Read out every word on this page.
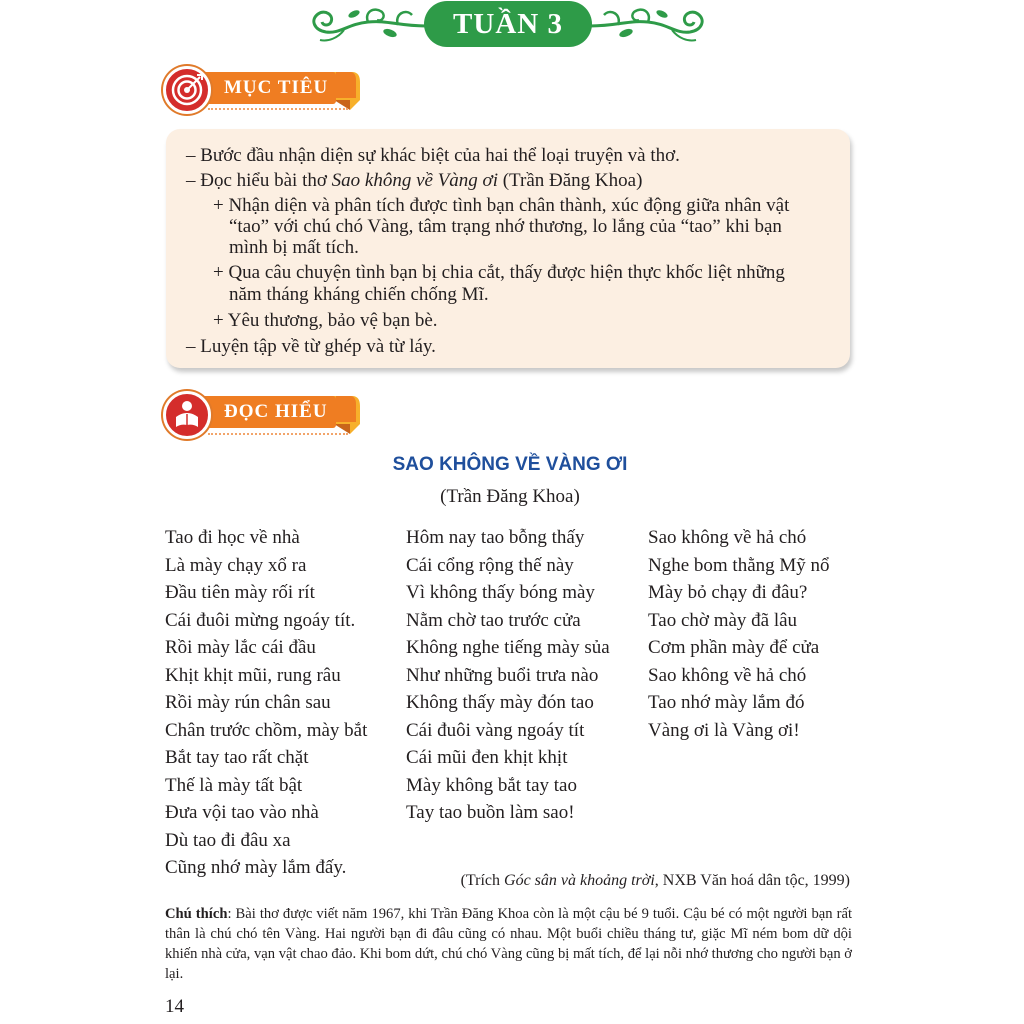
TUẦN 3
MỤC TIÊU
– Bước đầu nhận diện sự khác biệt của hai thể loại truyện và thơ.
– Đọc hiểu bài thơ Sao không về Vàng ơi (Trần Đăng Khoa)
+ Nhận diện và phân tích được tình bạn chân thành, xúc động giữa nhân vật
“tao” với chú chó Vàng, tâm trạng nhớ thương, lo lắng của “tao” khi bạn
mình bị mất tích.
+ Qua câu chuyện tình bạn bị chia cắt, thấy được hiện thực khốc liệt những
năm tháng kháng chiến chống Mĩ.
+ Yêu thương, bảo vệ bạn bè.
– Luyện tập về từ ghép và từ láy.
ĐỌC HIỂU
SAO KHÔNG VỀ VÀNG ƠI
(Trần Đăng Khoa)
Tao đi học về nhà
Là mày chạy xổ ra
Đầu tiên mày rối rít
Cái đuôi mừng ngoáy tít.
Rồi mày lắc cái đầu
Khịt khịt mũi, rung râu
Rồi mày rún chân sau
Chân trước chồm, mày bắt
Bắt tay tao rất chặt
Thế là mày tất bật
Đưa vội tao vào nhà
Dù tao đi đâu xa
Cũng nhớ mày lắm đấy.
Hôm nay tao bỗng thấy
Cái cổng rộng thế này
Vì không thấy bóng mày
Nằm chờ tao trước cửa
Không nghe tiếng mày sủa
Như những buổi trưa nào
Không thấy mày đón tao
Cái đuôi vàng ngoáy tít
Cái mũi đen khịt khịt
Mày không bắt tay tao
Tay tao buồn làm sao!
Sao không về hả chó
Nghe bom thằng Mỹ nổ
Mày bỏ chạy đi đâu?
Tao chờ mày đã lâu
Cơm phần mày để cửa
Sao không về hả chó
Tao nhớ mày lắm đó
Vàng ơi là Vàng ơi!
(Trích Góc sân và khoảng trời, NXB Văn hoá dân tộc, 1999)
Chú thích: Bài thơ được viết năm 1967, khi Trần Đăng Khoa còn là một cậu bé 9 tuổi. Cậu bé có một người bạn rất thân là chú chó tên Vàng. Hai người bạn đi đâu cũng có nhau. Một buổi chiều tháng tư, giặc Mĩ ném bom dữ dội khiến nhà cửa, vạn vật chao đảo. Khi bom dứt, chú chó Vàng cũng bị mất tích, để lại nỗi nhớ thương cho người bạn ở lại.
14
